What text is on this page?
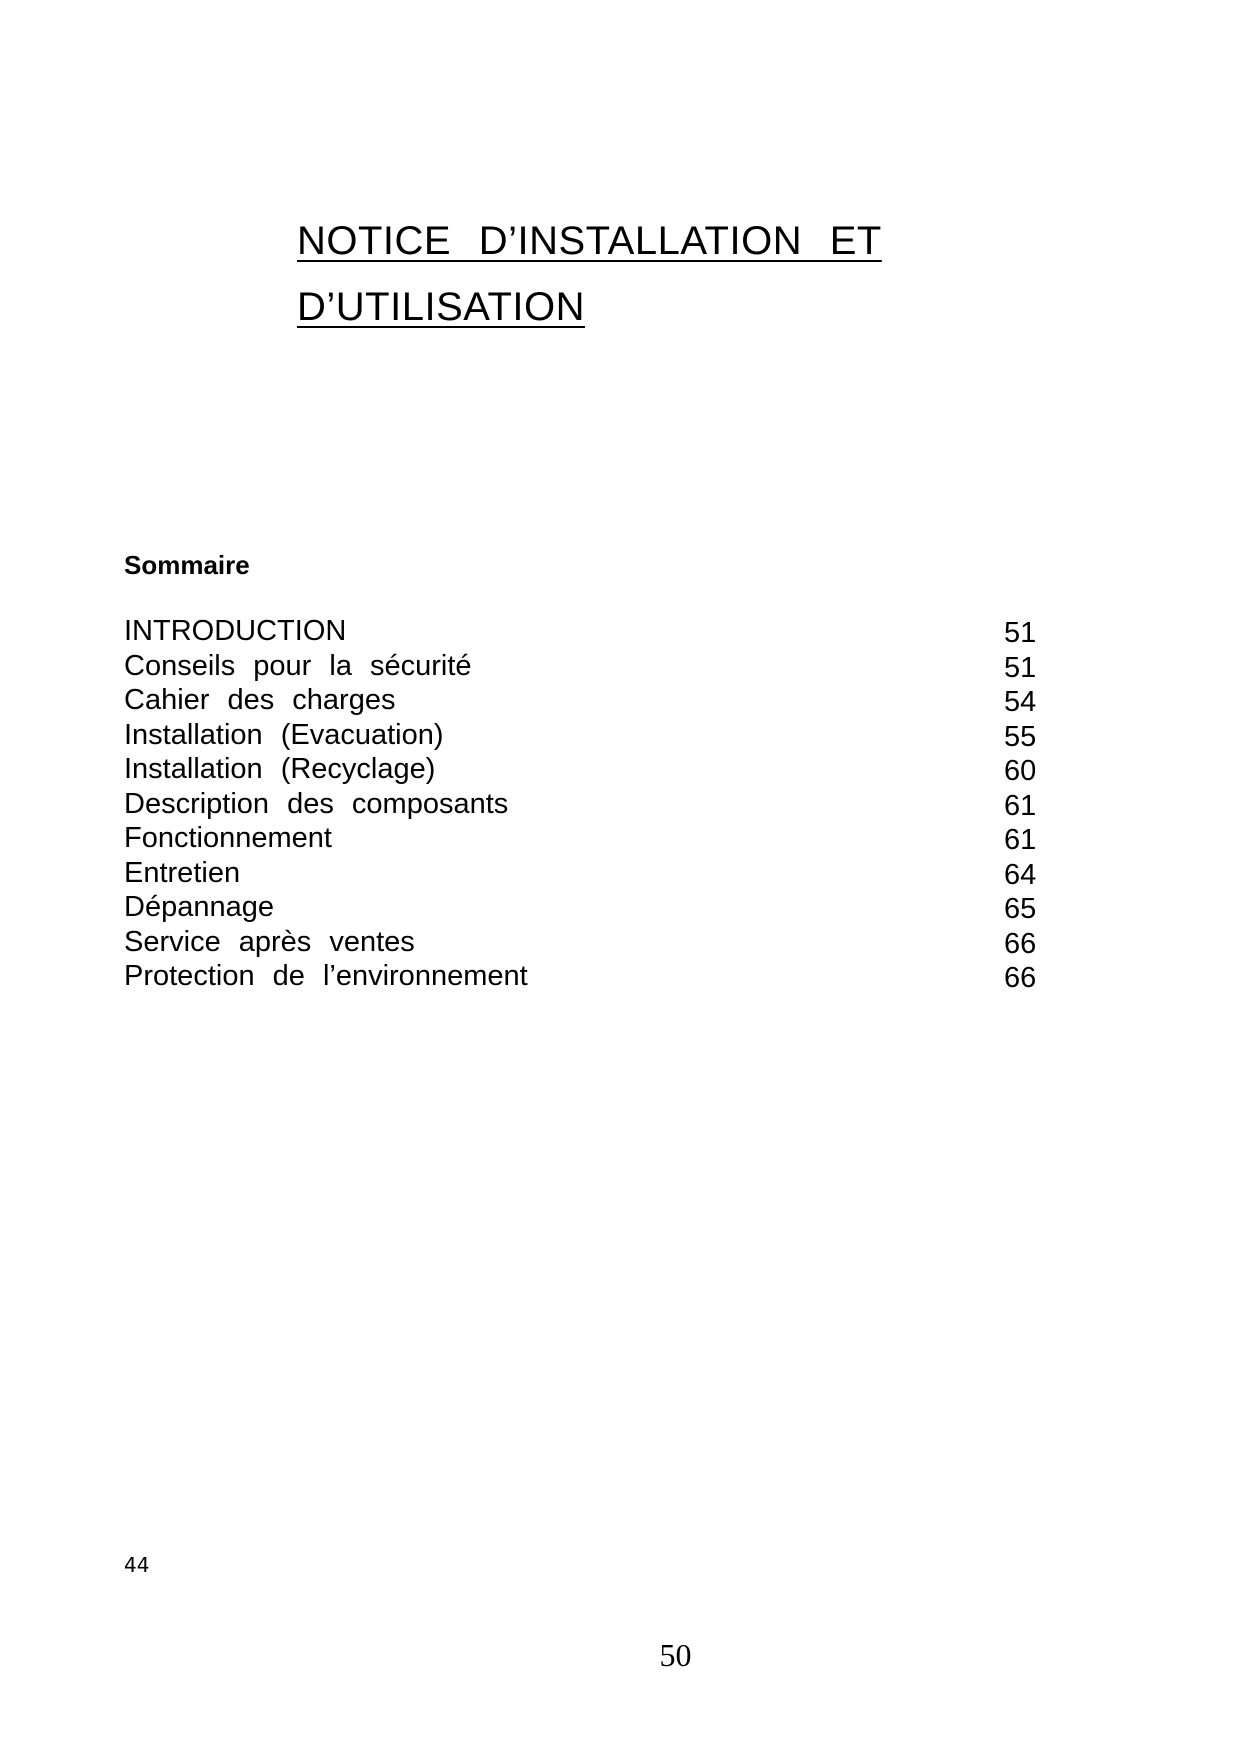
NOTICE D’INSTALLATION ET
D’UTILISATION
Sommaire
INTRODUCTION	51
Conseils pour la sécurité	51
Cahier des charges	54
Installation (Evacuation)	55
Installation (Recyclage)	60
Description des composants	61
Fonctionnement	61
Entretien	64
Dépannage	65
Service après ventes	66
Protection de l’environnement	66
44
50
